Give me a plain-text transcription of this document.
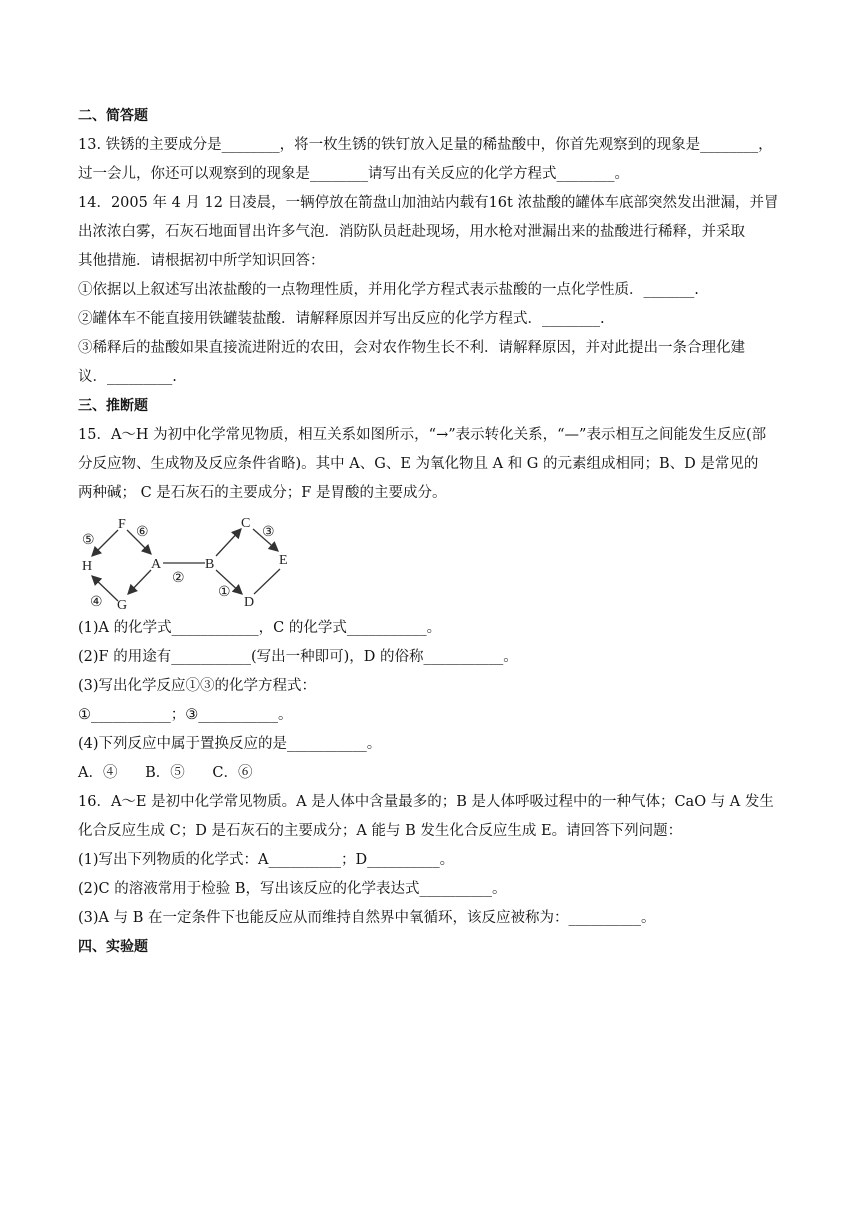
二、简答题
13. 铁锈的主要成分是________，将一枚生锈的铁钉放入足量的稀盐酸中，你首先观察到的现象是________，
过一会儿，你还可以观察到的现象是________请写出有关反应的化学方程式________。
14．2005 年 4 月 12 日凌晨，一辆停放在箭盘山加油站内载有16t 浓盐酸的罐体车底部突然发出泄漏，并冒
出浓浓白雾，石灰石地面冒出许多气泡．消防队员赶赴现场，用水枪对泄漏出来的盐酸进行稀释，并采取
其他措施．请根据初中所学知识回答：
①依据以上叙述写出浓盐酸的一点物理性质，并用化学方程式表示盐酸的一点化学性质．_______.
②罐体车不能直接用铁罐装盐酸．请解释原因并写出反应的化学方程式．________.
③稀释后的盐酸如果直接流进附近的农田，会对农作物生长不利．请解释原因，并对此提出一条合理化建
议．_________.
三、推断题
15．A～H 为初中化学常见物质，相互关系如图所示，“→”表示转化关系，“—”表示相互之间能发生反应(部
分反应物、生成物及反应条件省略)。其中 A、G、E 为氧化物且 A 和 G 的元素组成相同；B、D 是常见的
两种碱； C 是石灰石的主要成分；F 是胃酸的主要成分。
F
A	B
C
E
D
G
H
⑤
⑥
②
③
①
④
(1)A 的化学式____________，C 的化学式___________。
(2)F 的用途有___________(写出一种即可)，D 的俗称___________。
(3)写出化学反应①③的化学方程式：
①___________；③___________。
(4)下列反应中属于置换反应的是___________。
A．④      B．⑤      C．⑥
16．A～E 是初中化学常见物质。A 是人体中含量最多的；B 是人体呼吸过程中的一种气体；CaO 与 A 发生
化合反应生成 C；D 是石灰石的主要成分；A 能与 B 发生化合反应生成 E。请回答下列问题：
(1)写出下列物质的化学式：A__________；D__________。
(2)C 的溶液常用于检验 B，写出该反应的化学表达式__________。
(3)A 与 B 在一定条件下也能反应从而维持自然界中氧循环，该反应被称为：__________。
四、实验题
